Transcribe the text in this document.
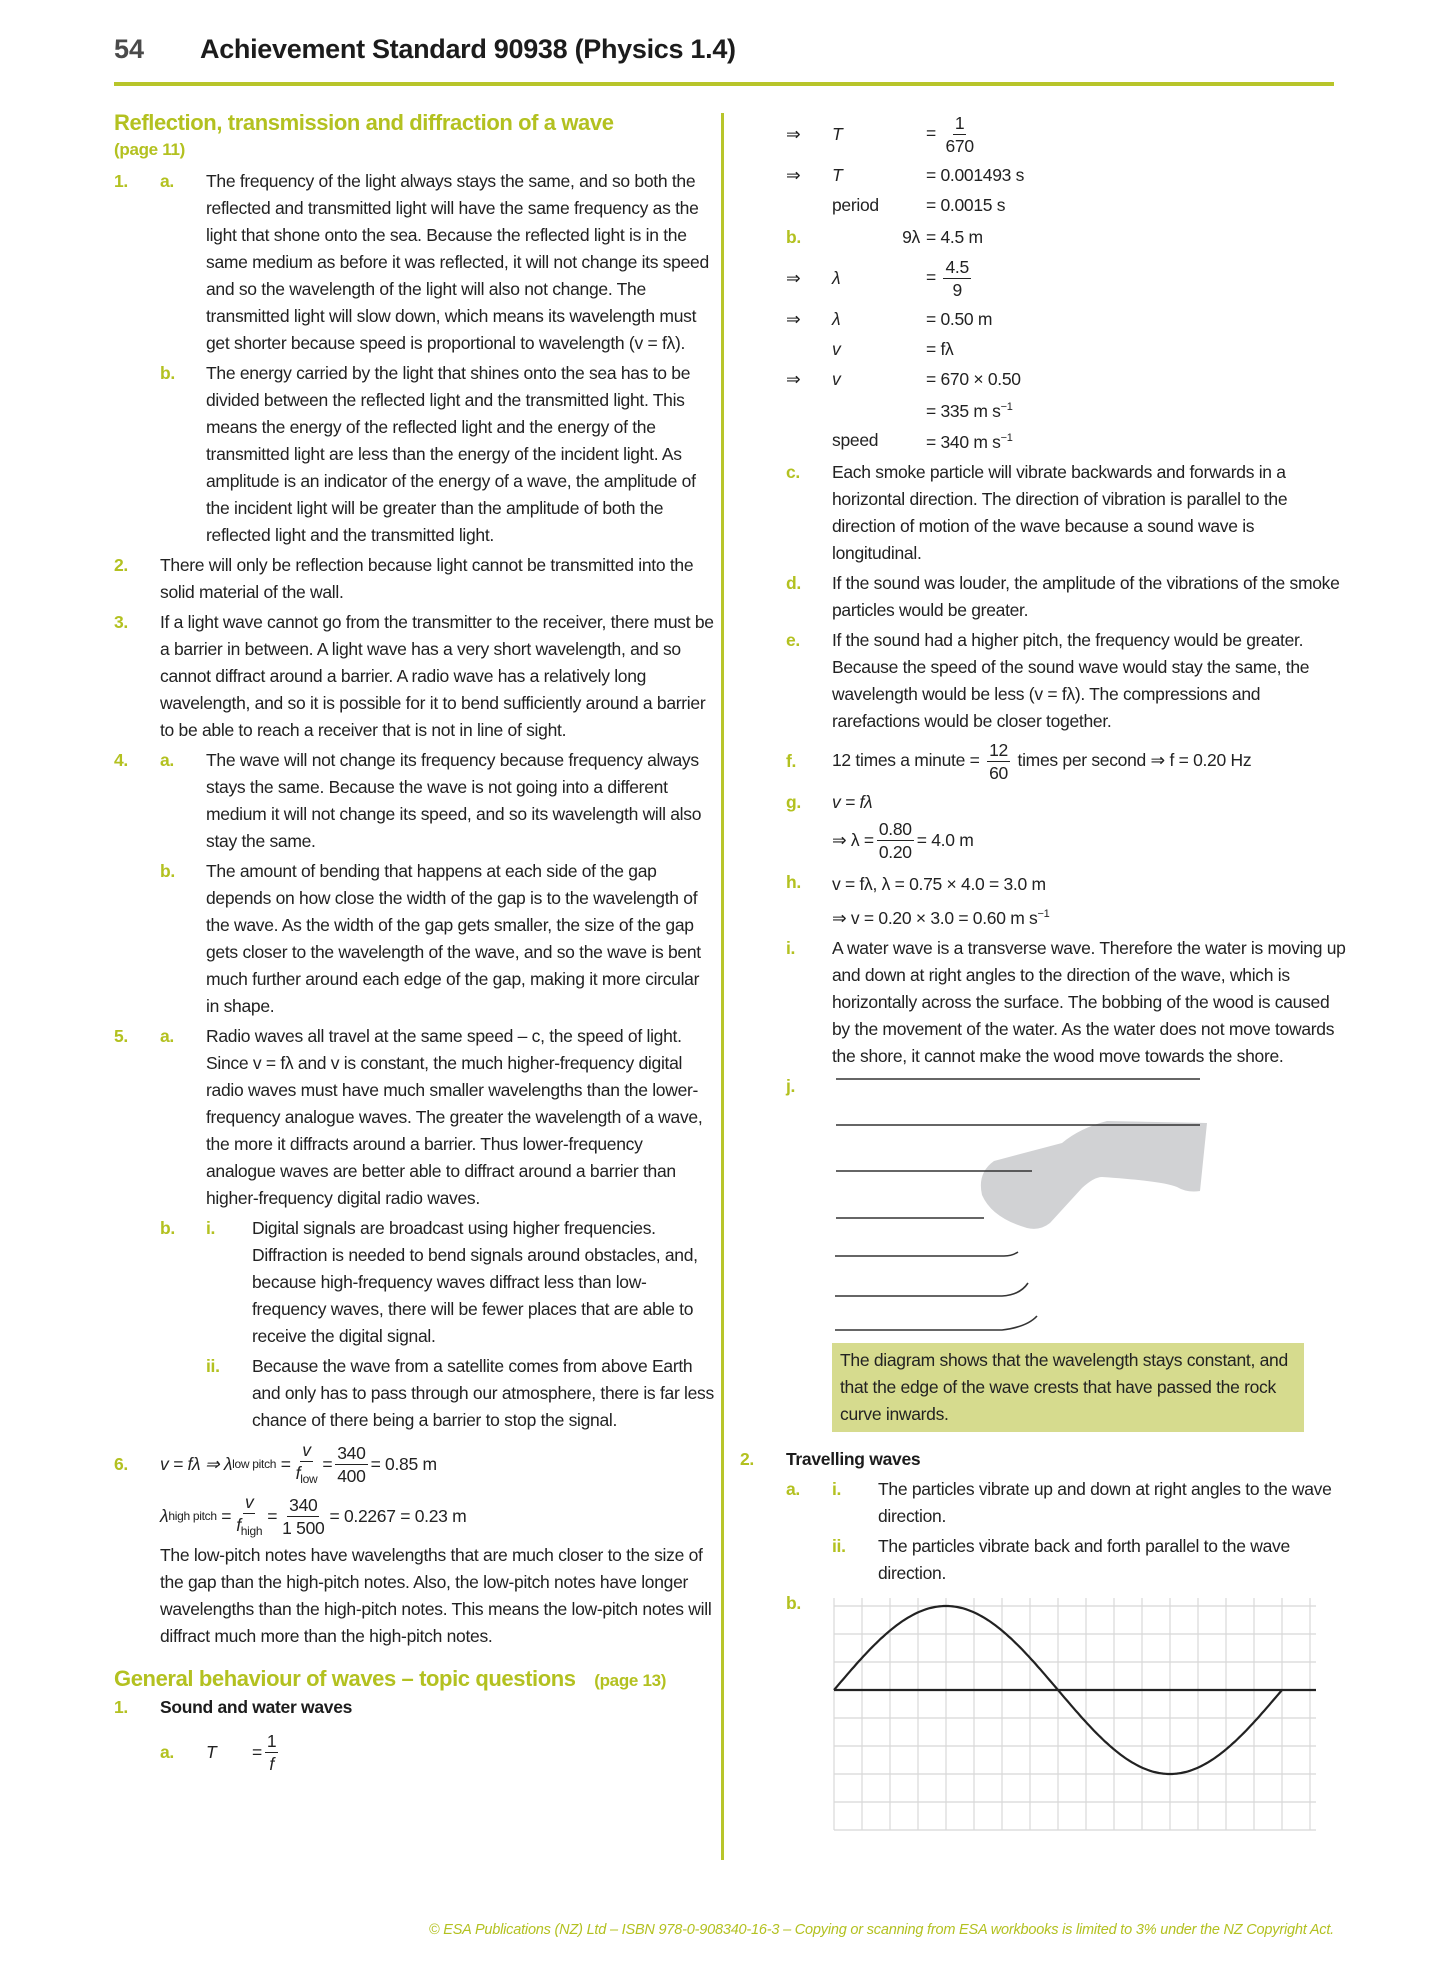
54 Achievement Standard 90938 (Physics 1.4)
Reflection, transmission and diffraction of a wave
(page 11)
1.	a.	The frequency of the light always stays the same, and so both the reflected and transmitted light will have the same frequency as the light that shone onto the sea. Because the reflected light is in the same medium as before it was reflected, it will not change its speed and so the wavelength of the light will also not change. The transmitted light will slow down, which means its wavelength must get shorter because speed is proportional to wavelength (v = fλ).
b.	The energy carried by the light that shines onto the sea has to be divided between the reflected light and the transmitted light. This means the energy of the reflected light and the energy of the transmitted light are less than the energy of the incident light. As amplitude is an indicator of the energy of a wave, the amplitude of the incident light will be greater than the amplitude of both the reflected light and the transmitted light.
2.	There will only be reflection because light cannot be transmitted into the solid material of the wall.
3.	If a light wave cannot go from the transmitter to the receiver, there must be a barrier in between. A light wave has a very short wavelength, and so cannot diffract around a barrier. A radio wave has a relatively long wavelength, and so it is possible for it to bend sufficiently around a barrier to be able to reach a receiver that is not in line of sight.
4.	a.	The wave will not change its frequency because frequency always stays the same. Because the wave is not going into a different medium it will not change its speed, and so its wavelength will also stay the same.
b.	The amount of bending that happens at each side of the gap depends on how close the width of the gap is to the wavelength of the wave. As the width of the gap gets smaller, the size of the gap gets closer to the wavelength of the wave, and so the wave is bent much further around each edge of the gap, making it more circular in shape.
5.	a.	Radio waves all travel at the same speed – c, the speed of light. Since v = fλ and v is constant, the much higher-frequency digital radio waves must have much smaller wavelengths than the lower-frequency analogue waves. The greater the wavelength of a wave, the more it diffracts around a barrier. Thus lower-frequency analogue waves are better able to diffract around a barrier than higher-frequency digital radio waves.
b.	i.	Digital signals are broadcast using higher frequencies. Diffraction is needed to bend signals around obstacles, and, because high-frequency waves diffract less than low-frequency waves, there will be fewer places that are able to receive the digital signal.
ii.	Because the wave from a satellite comes from above Earth and only has to pass through our atmosphere, there is far less chance of there being a barrier to stop the signal.
6.	v = fλ ⇒ λ low pitch = $\frac{v}{f_{low}} = \frac{340}{400} = 0.85$ m
λ high pitch = $\frac{v}{f_{high}} = \frac{340}{1 500} = 0.2267 = 0.23$ m
The low-pitch notes have wavelengths that are much closer to the size of the gap than the high-pitch notes. Also, the low-pitch notes have longer wavelengths than the high-pitch notes. This means the low-pitch notes will diffract much more than the high-pitch notes.
General behaviour of waves – topic questions (page 13)
1.	Sound and water waves
a.	T	= $\frac{1}{f}$
⇒	T	= $\frac{1}{670}$
⇒	T	= 0.001493 s
period	= 0.0015 s
b.	9λ = 4.5 m
⇒	λ	= $\frac{4.5}{9}$
⇒	λ	= 0.50 m
v	= fλ
⇒	v	= 670 × 0.50
= 335 m $s^{-1}$
speed	= 340 m $s^{-1}$
c.	Each smoke particle will vibrate backwards and forwards in a horizontal direction. The direction of vibration is parallel to the direction of motion of the wave because a sound wave is longitudinal.
d.	If the sound was louder, the amplitude of the vibrations of the smoke particles would be greater.
e.	If the sound had a higher pitch, the frequency would be greater. Because the speed of the sound wave would stay the same, the wavelength would be less (v = fλ). The compressions and rarefactions would be closer together.
f.	12 times a minute = $\frac{12}{60}$ times per second ⇒ f = 0.20 Hz
g.	v = fλ
⇒ $\lambda = \frac{0.80}{0.20} = 4.0$ m
h.	v = fλ, λ = 0.75 × 4.0 = 3.0 m
⇒ v = 0.20 × 3.0 = 0.60 m $s^{-1}$
i.	A water wave is a transverse wave. Therefore the water is moving up and down at right angles to the direction of the wave, which is horizontally across the surface. The bobbing of the wood is caused by the movement of the water. As the water does not move towards the shore, it cannot make the wood move towards the shore.
j.
The diagram shows that the wavelength stays constant, and that the edge of the wave crests that have passed the rock curve inwards.
2.	Travelling waves
a.	i.	The particles vibrate up and down at right angles to the wave direction.
ii.	The particles vibrate back and forth parallel to the wave direction.
b.
© ESA Publications (NZ) Ltd – ISBN 978-0-908340-16-3 – Copying or scanning from ESA workbooks is limited to 3% under the NZ Copyright Act.
